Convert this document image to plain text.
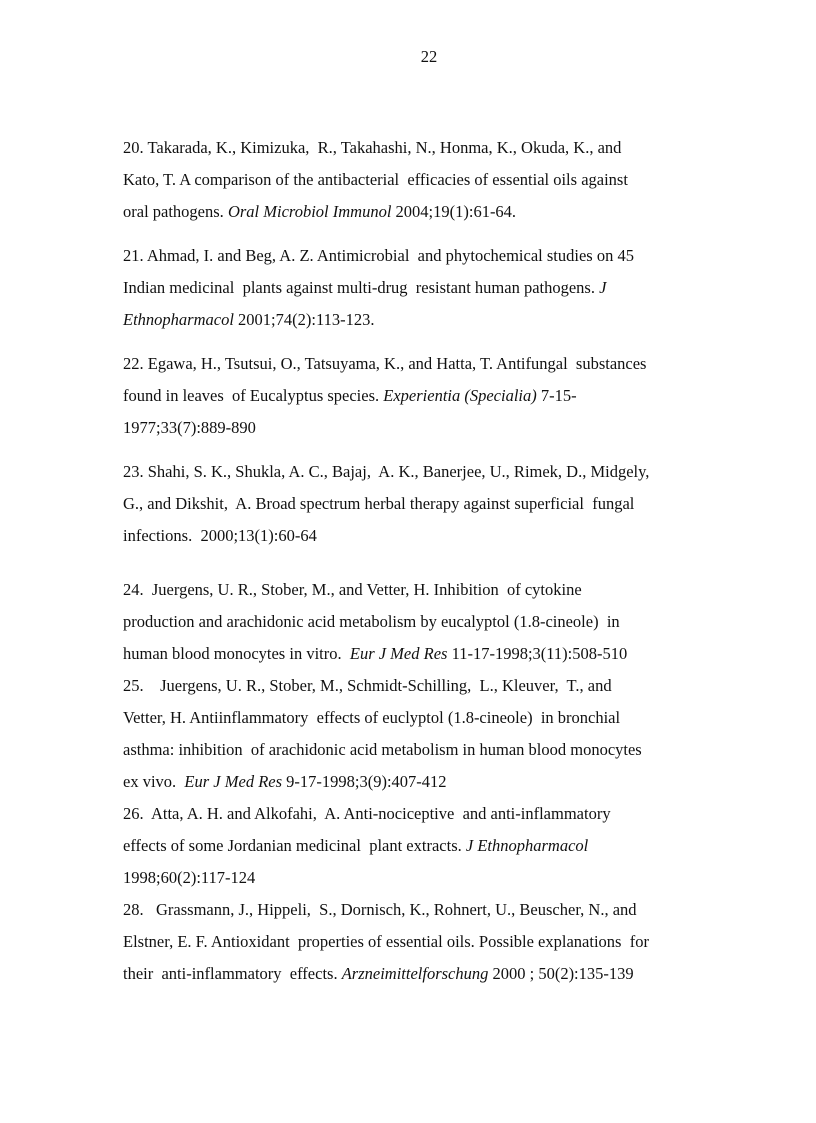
22
20. Takarada, K., Kimizuka,  R., Takahashi, N., Honma, K., Okuda, K., and
Kato, T. A comparison of the antibacterial  efficacies of essential oils against
oral pathogens. Oral Microbiol Immunol 2004;19(1):61-64.
21. Ahmad, I. and Beg, A. Z. Antimicrobial  and phytochemical studies on 45
Indian medicinal  plants against multi-drug  resistant human pathogens. J
Ethnopharmacol 2001;74(2):113-123.
22. Egawa, H., Tsutsui, O., Tatsuyama, K., and Hatta, T. Antifungal  substances
found in leaves  of Eucalyptus species. Experientia (Specialia) 7-15-
1977;33(7):889-890
23. Shahi, S. K., Shukla, A. C., Bajaj,  A. K., Banerjee, U., Rimek, D., Midgely,
G., and Dikshit,  A. Broad spectrum herbal therapy against superficial  fungal
infections.  2000;13(1):60-64
24.  Juergens, U. R., Stober, M., and Vetter, H. Inhibition  of cytokine
production and arachidonic acid metabolism by eucalyptol (1.8-cineole)  in
human blood monocytes in vitro.  Eur J Med Res 11-17-1998;3(11):508-510
25.    Juergens, U. R., Stober, M., Schmidt-Schilling,  L., Kleuver,  T., and
Vetter, H. Antiinflammatory  effects of euclyptol (1.8-cineole)  in bronchial
asthma: inhibition  of arachidonic acid metabolism in human blood monocytes
ex vivo.  Eur J Med Res 9-17-1998;3(9):407-412
26.  Atta, A. H. and Alkofahi,  A. Anti-nociceptive  and anti-inflammatory
effects of some Jordanian medicinal  plant extracts. J Ethnopharmacol
1998;60(2):117-124
28.   Grassmann, J., Hippeli,  S., Dornisch, K., Rohnert, U., Beuscher, N., and
Elstner, E. F. Antioxidant  properties of essential oils. Possible explanations  for
their  anti-inflammatory  effects. Arzneimittelforschung 2000 ; 50(2):135-139
